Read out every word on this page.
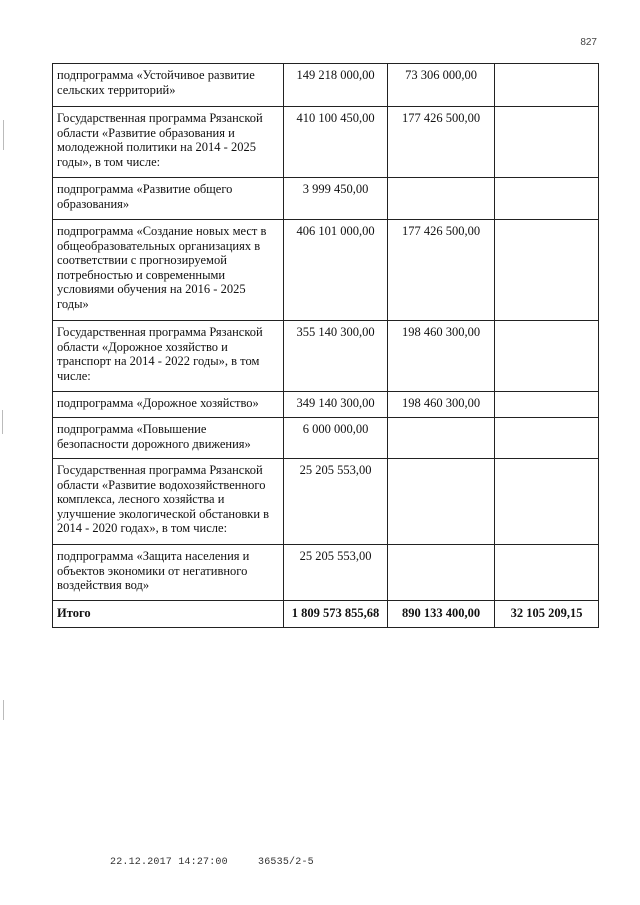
827
подпрограмма «Устойчивое развитие сельских территорий»	149 218 000,00	73 306 000,00	
Государственная программа Рязанской области «Развитие образования и молодежной политики на 2014 - 2025 годы», в том числе:	410 100 450,00	177 426 500,00	
подпрограмма «Развитие общего образования»	3 999 450,00		
подпрограмма «Создание новых мест в общеобразовательных организациях в соответствии с прогнозируемой потребностью и современными условиями обучения на 2016 - 2025 годы»	406 101 000,00	177 426 500,00	
Государственная программа Рязанской области «Дорожное хозяйство и транспорт на 2014 - 2022 годы», в том числе:	355 140 300,00	198 460 300,00	
подпрограмма «Дорожное хозяйство»	349 140 300,00	198 460 300,00	
подпрограмма «Повышение безопасности дорожного движения»	6 000 000,00		
Государственная программа Рязанской области «Развитие водохозяйственного комплекса, лесного хозяйства и улучшение экологической обстановки в 2014 - 2020 годах», в том числе:	25 205 553,00		
подпрограмма «Защита населения и объектов экономики от негативного воздействия вод»	25 205 553,00		
Итого	1 809 573 855,68	890 133 400,00	32 105 209,15
22.12.2017 14:27:00	36535/2-5
